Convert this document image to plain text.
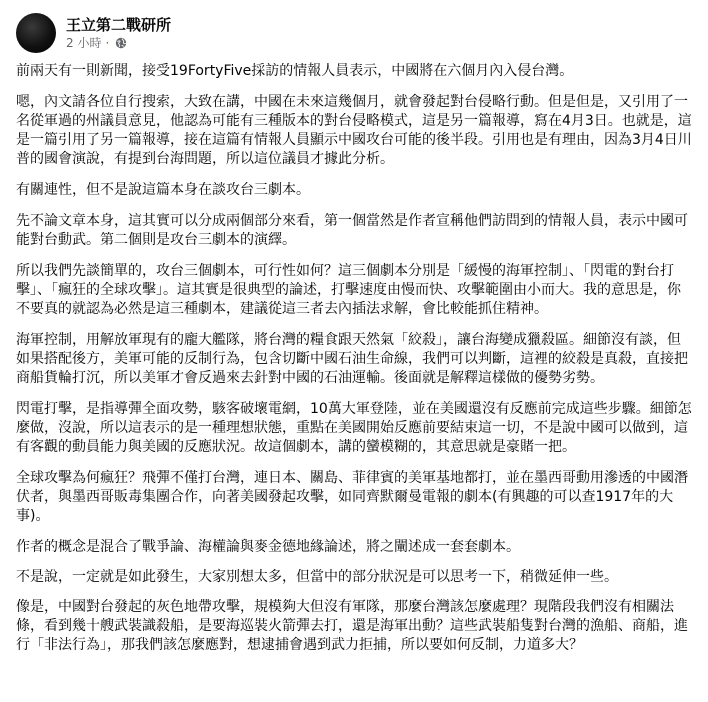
王立第二戰研所
2 小時 ·

前兩天有一則新聞，接受19FortyFive採訪的情報人員表示，中國將在六個月內入侵台灣。

嗯，內文請各位自行搜索，大致在講，中國在未來這幾個月，就會發起對台侵略行動。但是但是，又引用了一名從軍過的州議員意見，他認為可能有三種版本的對台侵略模式，這是另一篇報導，寫在4月3日。也就是，這是一篇引用了另一篇報導，接在這篇有情報人員顯示中國攻台可能的後半段。引用也是有理由，因為3月4日川普的國會演說，有提到台海問題，所以這位議員才據此分析。

有關連性，但不是說這篇本身在談攻台三劇本。

先不論文章本身，這其實可以分成兩個部分來看，第一個當然是作者宣稱他們訪問到的情報人員，表示中國可能對台動武。第二個則是攻台三劇本的演繹。

所以我們先談簡單的，攻台三個劇本，可行性如何？這三個劇本分別是「緩慢的海軍控制」、「閃電的對台打擊」、「瘋狂的全球攻擊」。這其實是很典型的論述，打擊速度由慢而快、攻擊範圍由小而大。我的意思是，你不要真的就認為必然是這三種劇本，建議從這三者去內插法求解，會比較能抓住精神。

海軍控制，用解放軍現有的龐大艦隊，將台灣的糧食跟天然氣「絞殺」，讓台海變成獵殺區。細節沒有談，但如果搭配後方，美軍可能的反制行為，包含切斷中國石油生命線，我們可以判斷，這裡的絞殺是真殺，直接把商船貨輪打沉，所以美軍才會反過來去針對中國的石油運輸。後面就是解釋這樣做的優勢劣勢。

閃電打擊，是指導彈全面攻勢，駭客破壞電網，10萬大軍登陸，並在美國還沒有反應前完成這些步驟。細節怎麼做，沒說，所以這表示的是一種理想狀態，重點在美國開始反應前要結束這一切，不是說中國可以做到，這有客觀的動員能力與美國的反應狀況。故這個劇本，講的蠻模糊的，其意思就是豪賭一把。

全球攻擊為何瘋狂？飛彈不僅打台灣，連日本、關島、菲律賓的美軍基地都打，並在墨西哥動用滲透的中國潛伏者，與墨西哥販毒集團合作，向著美國發起攻擊，如同齊默爾曼電報的劇本(有興趣的可以查1917年的大事)。

作者的概念是混合了戰爭論、海權論與麥金德地緣論述，將之闡述成一套套劇本。

不是說，一定就是如此發生，大家別想太多，但當中的部分狀況是可以思考一下，稍微延伸一些。

像是，中國對台發起的灰色地帶攻擊，規模夠大但沒有軍隊，那麼台灣該怎麼處理？現階段我們沒有相關法條，看到幾十艘武裝識殺船，是要海巡裝火箭彈去打，還是海軍出動？這些武裝船隻對台灣的漁船、商船，進行「非法行為」，那我們該怎麼應對，想逮捕會遇到武力拒捕，所以要如何反制，力道多大？
